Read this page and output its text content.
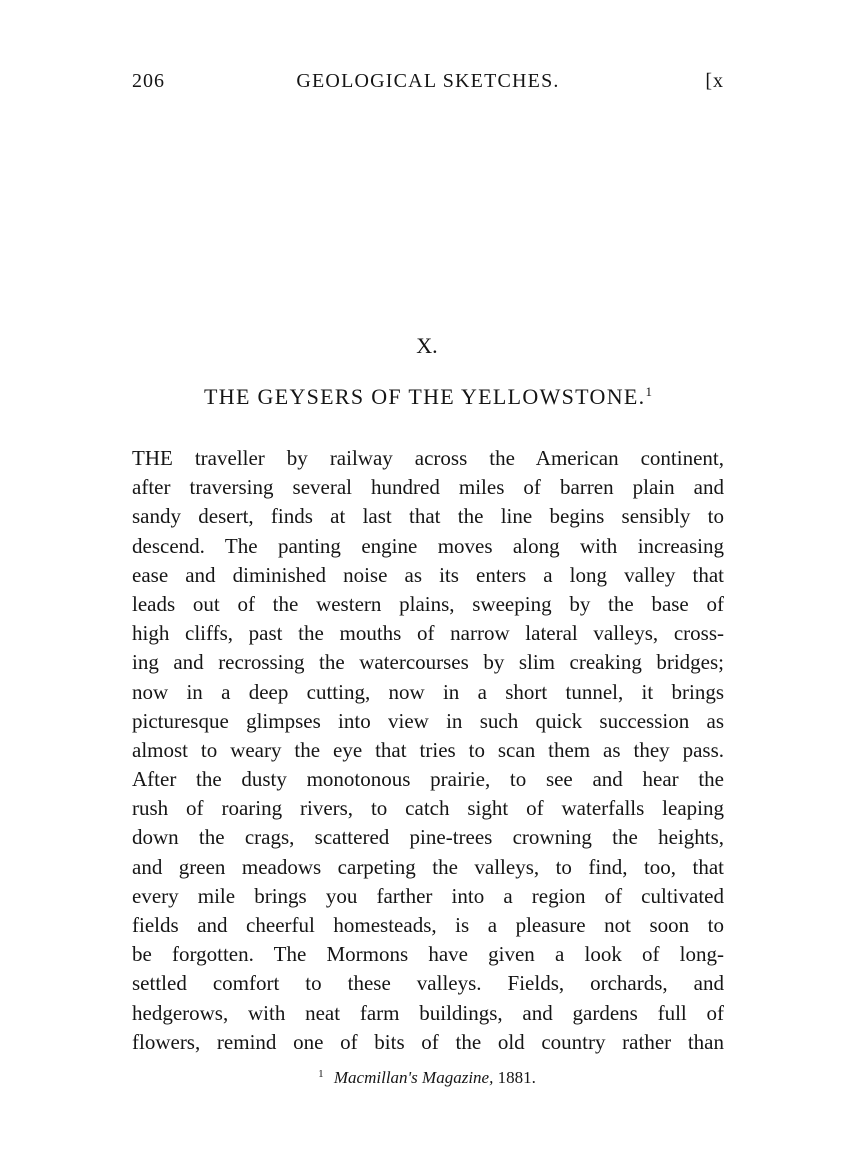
206	GEOLOGICAL SKETCHES.	[x
X.
THE GEYSERS OF THE YELLOWSTONE.$^1$
THE traveller by railway across the American continent,
after traversing several hundred miles of barren plain and
sandy desert, finds at last that the line begins sensibly to
descend. The panting engine moves along with increasing
ease and diminished noise as its enters a long valley that
leads out of the western plains, sweeping by the base of
high cliffs, past the mouths of narrow lateral valleys, cross-
ing and recrossing the watercourses by slim creaking bridges;
now in a deep cutting, now in a short tunnel, it brings
picturesque glimpses into view in such quick succession as
almost to weary the eye that tries to scan them as they pass.
After the dusty monotonous prairie, to see and hear the
rush of roaring rivers, to catch sight of waterfalls leaping
down the crags, scattered pine-trees crowning the heights,
and green meadows carpeting the valleys, to find, too, that
every mile brings you farther into a region of cultivated
fields and cheerful homesteads, is a pleasure not soon to
be forgotten. The Mormons have given a look of long-
settled comfort to these valleys. Fields, orchards, and
hedgerows, with neat farm buildings, and gardens full of
flowers, remind one of bits of the old country rather than
$^1$ Macmillan's Magazine, 1881.
